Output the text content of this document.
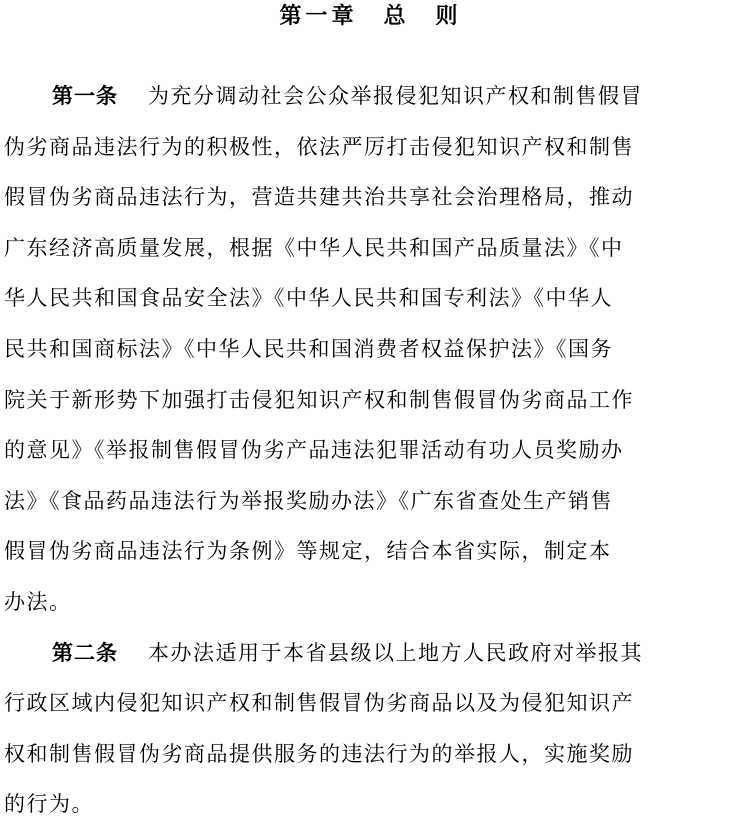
第一章　总　则
第一条 为充分调动社会公众举报侵犯知识产权和制售假冒
伪劣商品违法行为的积极性，依法严厉打击侵犯知识产权和制售
假冒伪劣商品违法行为，营造共建共治共享社会治理格局，推动
广东经济高质量发展，根据《中华人民共和国产品质量法》《中
华人民共和国食品安全法》《中华人民共和国专利法》《中华人
民共和国商标法》《中华人民共和国消费者权益保护法》《国务
院关于新形势下加强打击侵犯知识产权和制售假冒伪劣商品工作
的意见》《举报制售假冒伪劣产品违法犯罪活动有功人员奖励办
法》《食品药品违法行为举报奖励办法》《广东省查处生产销售
假冒伪劣商品违法行为条例》等规定，结合本省实际，制定本
办法。
第二条 本办法适用于本省县级以上地方人民政府对举报其
行政区域内侵犯知识产权和制售假冒伪劣商品以及为侵犯知识产
权和制售假冒伪劣商品提供服务的违法行为的举报人，实施奖励
的行为。
